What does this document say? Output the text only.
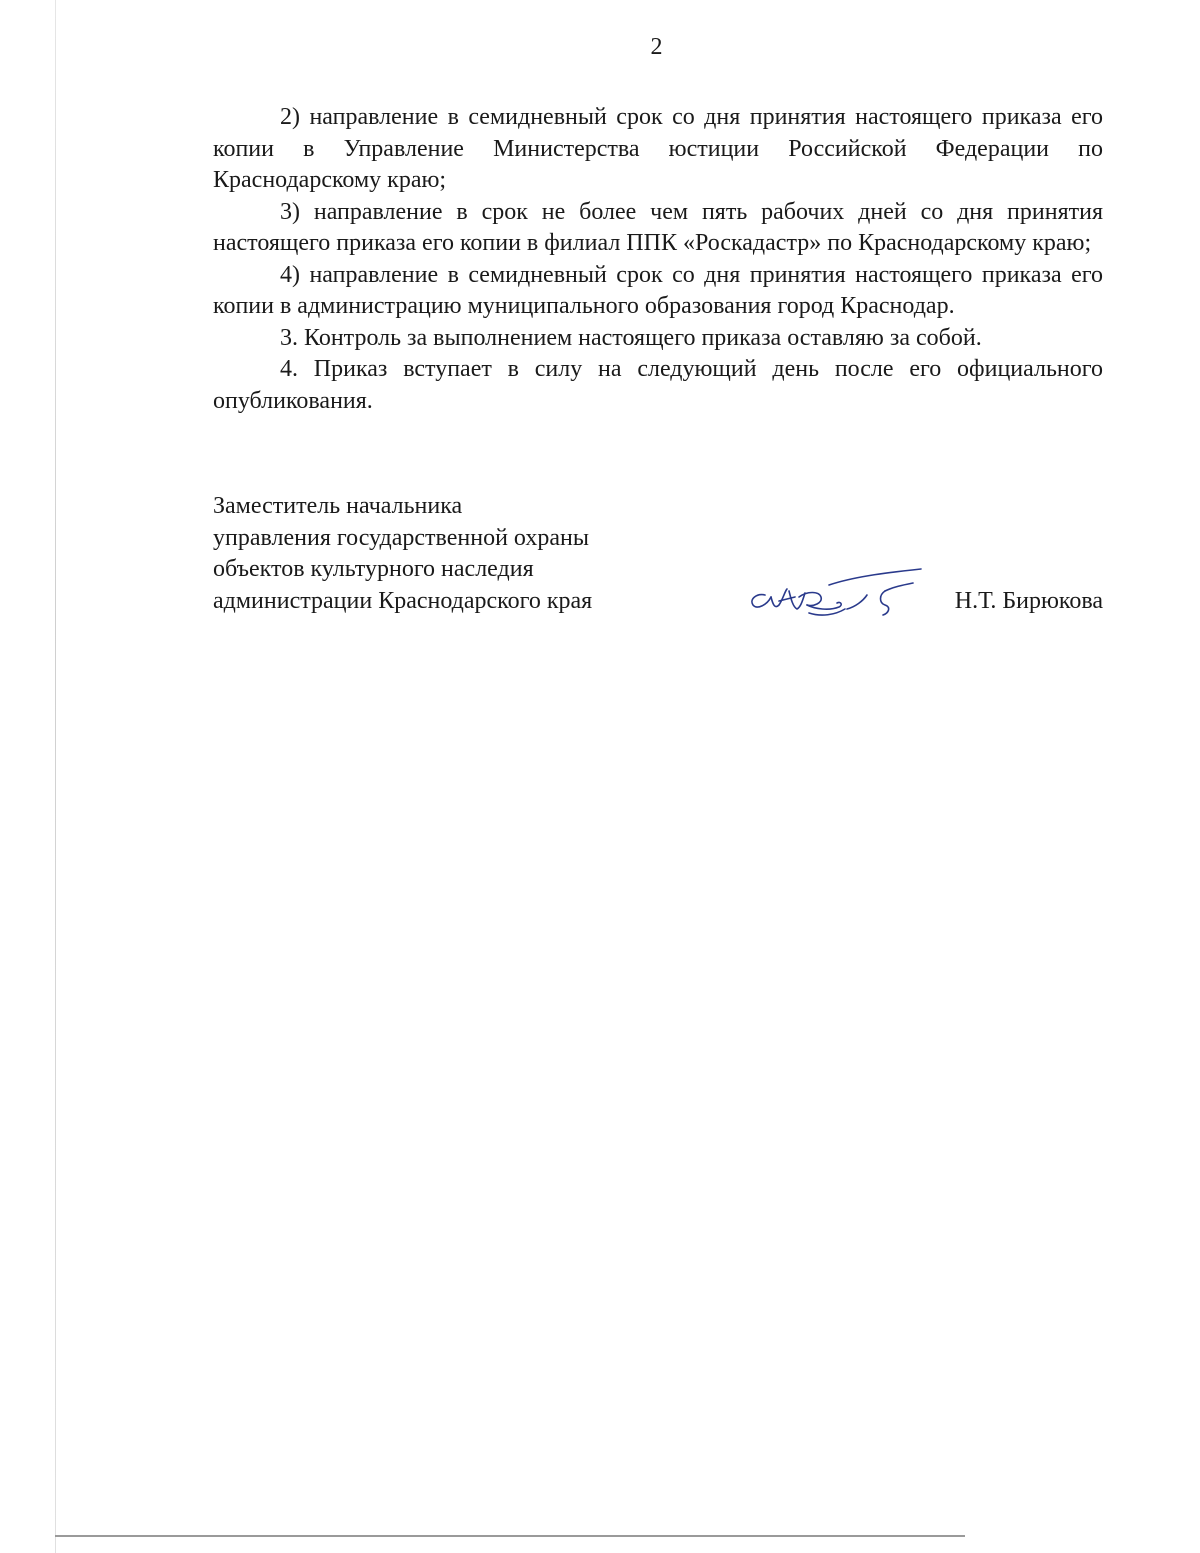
2

2) направление в семидневный срок со дня принятия настоящего приказа его копии в Управление Министерства юстиции Российской Федерации по Краснодарскому краю;

3) направление в срок не более чем пять рабочих дней со дня принятия настоящего приказа его копии в филиал ППК «Роскадастр» по Краснодарскому краю;

4) направление в семидневный срок со дня принятия настоящего приказа его копии в администрацию муниципального образования город Краснодар.

3. Контроль за выполнением настоящего приказа оставляю за собой.

4. Приказ вступает в силу на следующий день после его официального опубликования.

Заместитель начальника
управления государственной охраны
объектов культурного наследия
администрации Краснодарского края	Н.Т. Бирюкова
